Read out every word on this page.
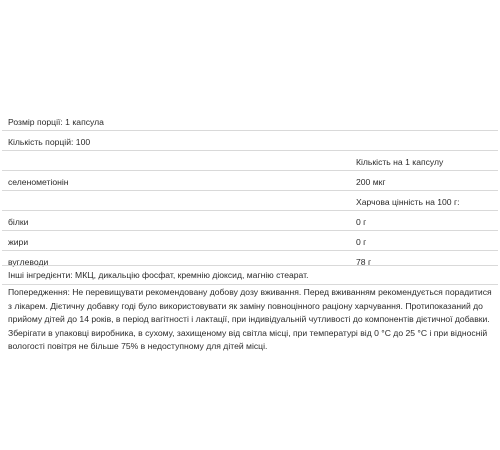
Розмір порції: 1 капсула
Кількість порцій: 100
Кількість на 1 капсулу
селенометіонін	200 мкг
Харчова цінність на 100 г:
білки	0 г
жири	0 г
вуглеводи	78 г
Інші інгредієнти: МКЦ, дикальцію фосфат, кремнію діоксид, магнію стеарат.
Попередження: Не перевищувати рекомендовану добову дозу вживання. Перед вживанням рекомендується порадитися з лікарем. Дієтичну добавку годі було використовувати як заміну повноцінного раціону харчування. Протипоказаний до прийому дітей до 14 років, в період вагітності і лактації, при індивідуальній чутливості до компонентів дієтичної добавки. Зберігати в упаковці виробника, в сухому, захищеному від світла місці, при температурі від 0 °С до 25 °С і при відносній вологості повітря не більше 75% в недоступному для дітей місці.
